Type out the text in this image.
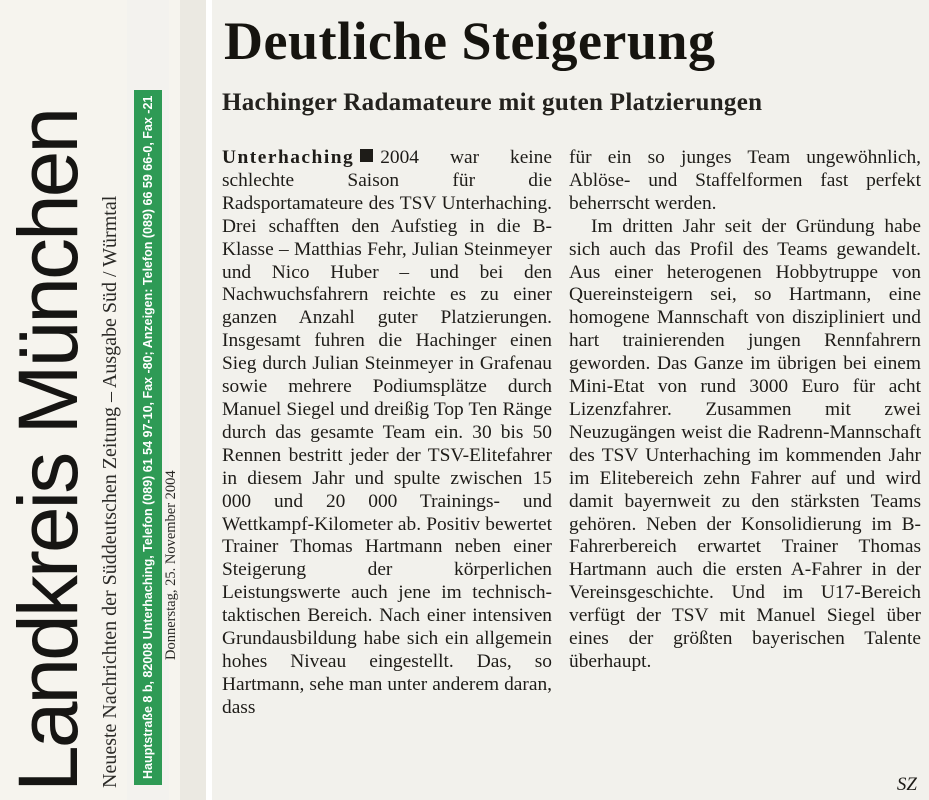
Landkreis München Neueste Nachrichten der Süddeutschen Zeitung – Ausgabe Süd / Würmtal	Hauptstraße 8 b, 82008 Unterhaching, Telefon (089) 61 54 97-10, Fax -80; Anzeigen: Telefon (089) 66 59 66-0, Fax -21 Donnerstag, 25. November 2004
Deutliche Steigerung
Hachinger Radamateure mit guten Platzierungen

Unterhaching 2004 war keine schlechte Saison für die Radsportamateure des TSV Unterhaching. Drei schafften den Aufstieg in die B-Klasse – Matthias Fehr, Julian Steinmeyer und Nico Huber – und bei den Nachwuchsfahrern reichte es zu einer ganzen Anzahl guter Platzierungen. Insgesamt fuhren die Hachinger einen Sieg durch Julian Steinmeyer in Grafenau sowie mehrere Podiumsplätze durch Manuel Siegel und dreißig Top Ten Ränge durch das gesamte Team ein. 30 bis 50 Rennen bestritt jeder der TSV-Elitefahrer in diesem Jahr und spulte zwischen 15 000 und 20 000 Trainings- und Wettkampf-Kilometer ab. Positiv bewertet Trainer Thomas Hartmann neben einer Steigerung der körperlichen Leistungswerte auch jene im technisch-taktischen Bereich. Nach einer intensiven Grundausbildung habe sich ein allgemein hohes Niveau eingestellt. Das, so Hartmann, sehe man unter anderem daran, dass

für ein so junges Team ungewöhnlich, Ablöse- und Staffelformen fast perfekt beherrscht werden.

Im dritten Jahr seit der Gründung habe sich auch das Profil des Teams gewandelt. Aus einer heterogenen Hobbytruppe von Quereinsteigern sei, so Hartmann, eine homogene Mannschaft von diszipliniert und hart trainierenden jungen Rennfahrern geworden. Das Ganze im übrigen bei einem Mini-Etat von rund 3000 Euro für acht Lizenzfahrer. Zusammen mit zwei Neuzugängen weist die Radrenn-Mannschaft des TSV Unterhaching im kommenden Jahr im Elitebereich zehn Fahrer auf und wird damit bayernweit zu den stärksten Teams gehören. Neben der Konsolidierung im B-Fahrerbereich erwartet Trainer Thomas Hartmann auch die ersten A-Fahrer in der Vereinsgeschichte. Und im U17-Bereich verfügt der TSV mit Manuel Siegel über eines der größten bayerischen Talente überhaupt.

SZ
